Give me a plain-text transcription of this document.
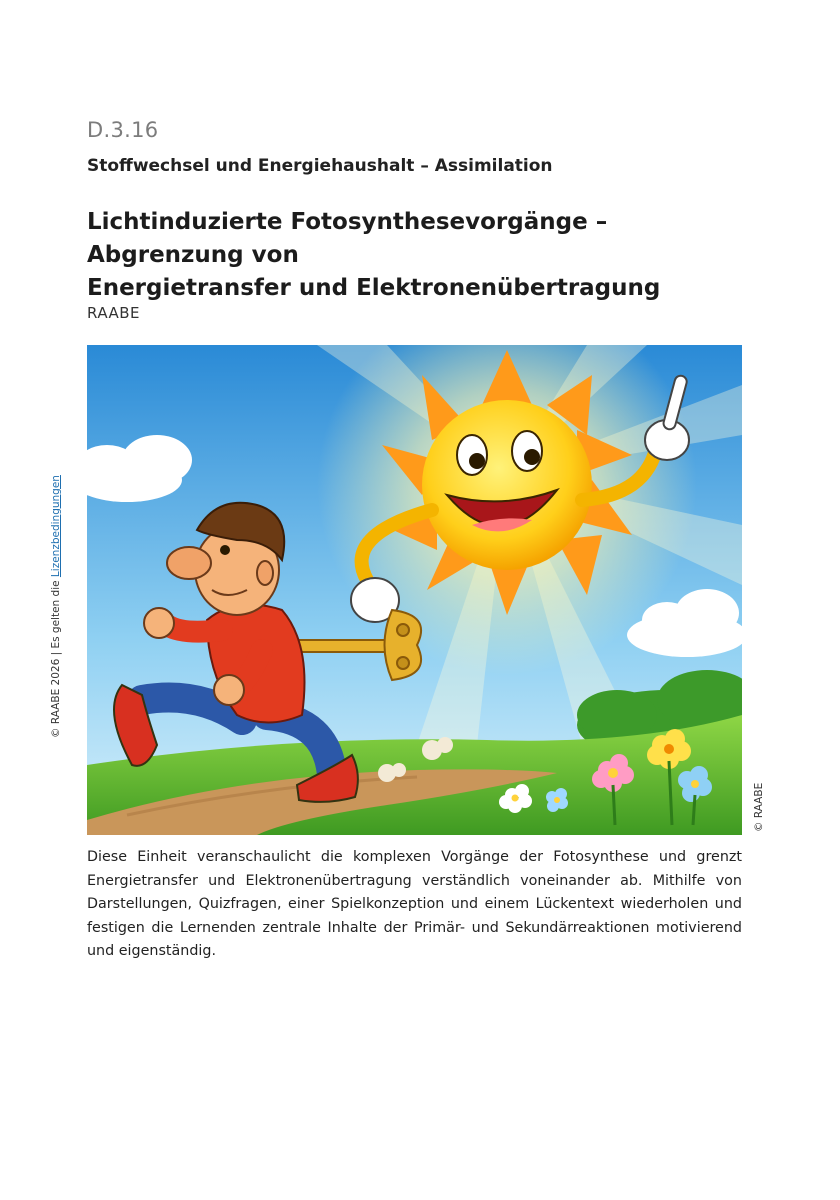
D.3.16
Stoffwechsel und Energiehaushalt – Assimilation
Lichtinduzierte Fotosynthesevorgänge – Abgrenzung von
Energietransfer und Elektronenübertragung
RAABE
Diese Einheit veranschaulicht die komplexen Vorgänge der Fotosynthese und grenzt Energietransfer und Elektronenübertragung verständlich voneinander ab. Mithilfe von Darstellungen, Quizfragen, einer Spielkonzeption und einem Lückentext wiederholen und festigen die Lernenden zentrale Inhalte der Primär- und Sekundärreaktionen motivierend und eigenständig.
© RAABE 2026 | Es gelten die Lizenzbedingungen
© RAABE
